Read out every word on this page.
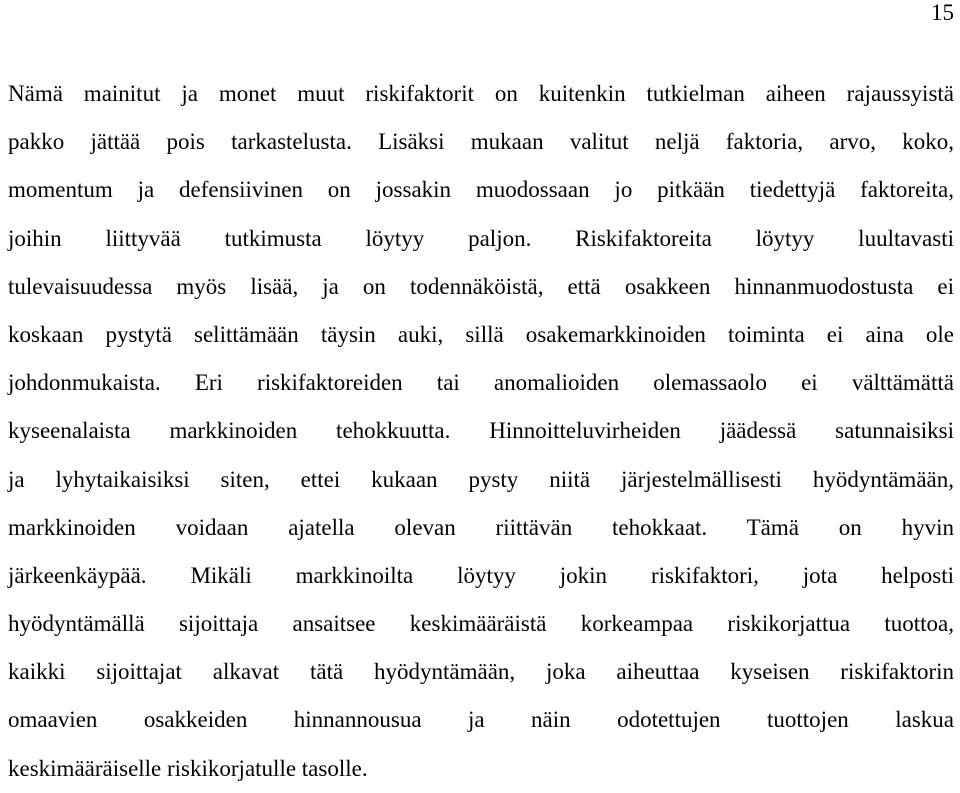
15
Nämä mainitut ja monet muut riskifaktorit on kuitenkin tutkielman aiheen rajaussyistä
pakko jättää pois tarkastelusta. Lisäksi mukaan valitut neljä faktoria, arvo, koko,
momentum ja defensiivinen on jossakin muodossaan jo pitkään tiedettyjä faktoreita,
joihin liittyvää tutkimusta löytyy paljon. Riskifaktoreita löytyy luultavasti
tulevaisuudessa myös lisää, ja on todennäköistä, että osakkeen hinnanmuodostusta ei
koskaan pystytä selittämään täysin auki, sillä osakemarkkinoiden toiminta ei aina ole
johdonmukaista. Eri riskifaktoreiden tai anomalioiden olemassaolo ei välttämättä
kyseenalaista markkinoiden tehokkuutta. Hinnoitteluvirheiden jäädessä satunnaisiksi
ja lyhytaikaisiksi siten, ettei kukaan pysty niitä järjestelmällisesti hyödyntämään,
markkinoiden voidaan ajatella olevan riittävän tehokkaat. Tämä on hyvin
järkeenkäypää. Mikäli markkinoilta löytyy jokin riskifaktori, jota helposti
hyödyntämällä sijoittaja ansaitsee keskimääräistä korkeampaa riskikorjattua tuottoa,
kaikki sijoittajat alkavat tätä hyödyntämään, joka aiheuttaa kyseisen riskifaktorin
omaavien osakkeiden hinnannousua ja näin odotettujen tuottojen laskua
keskimääräiselle riskikorjatulle tasolle.
